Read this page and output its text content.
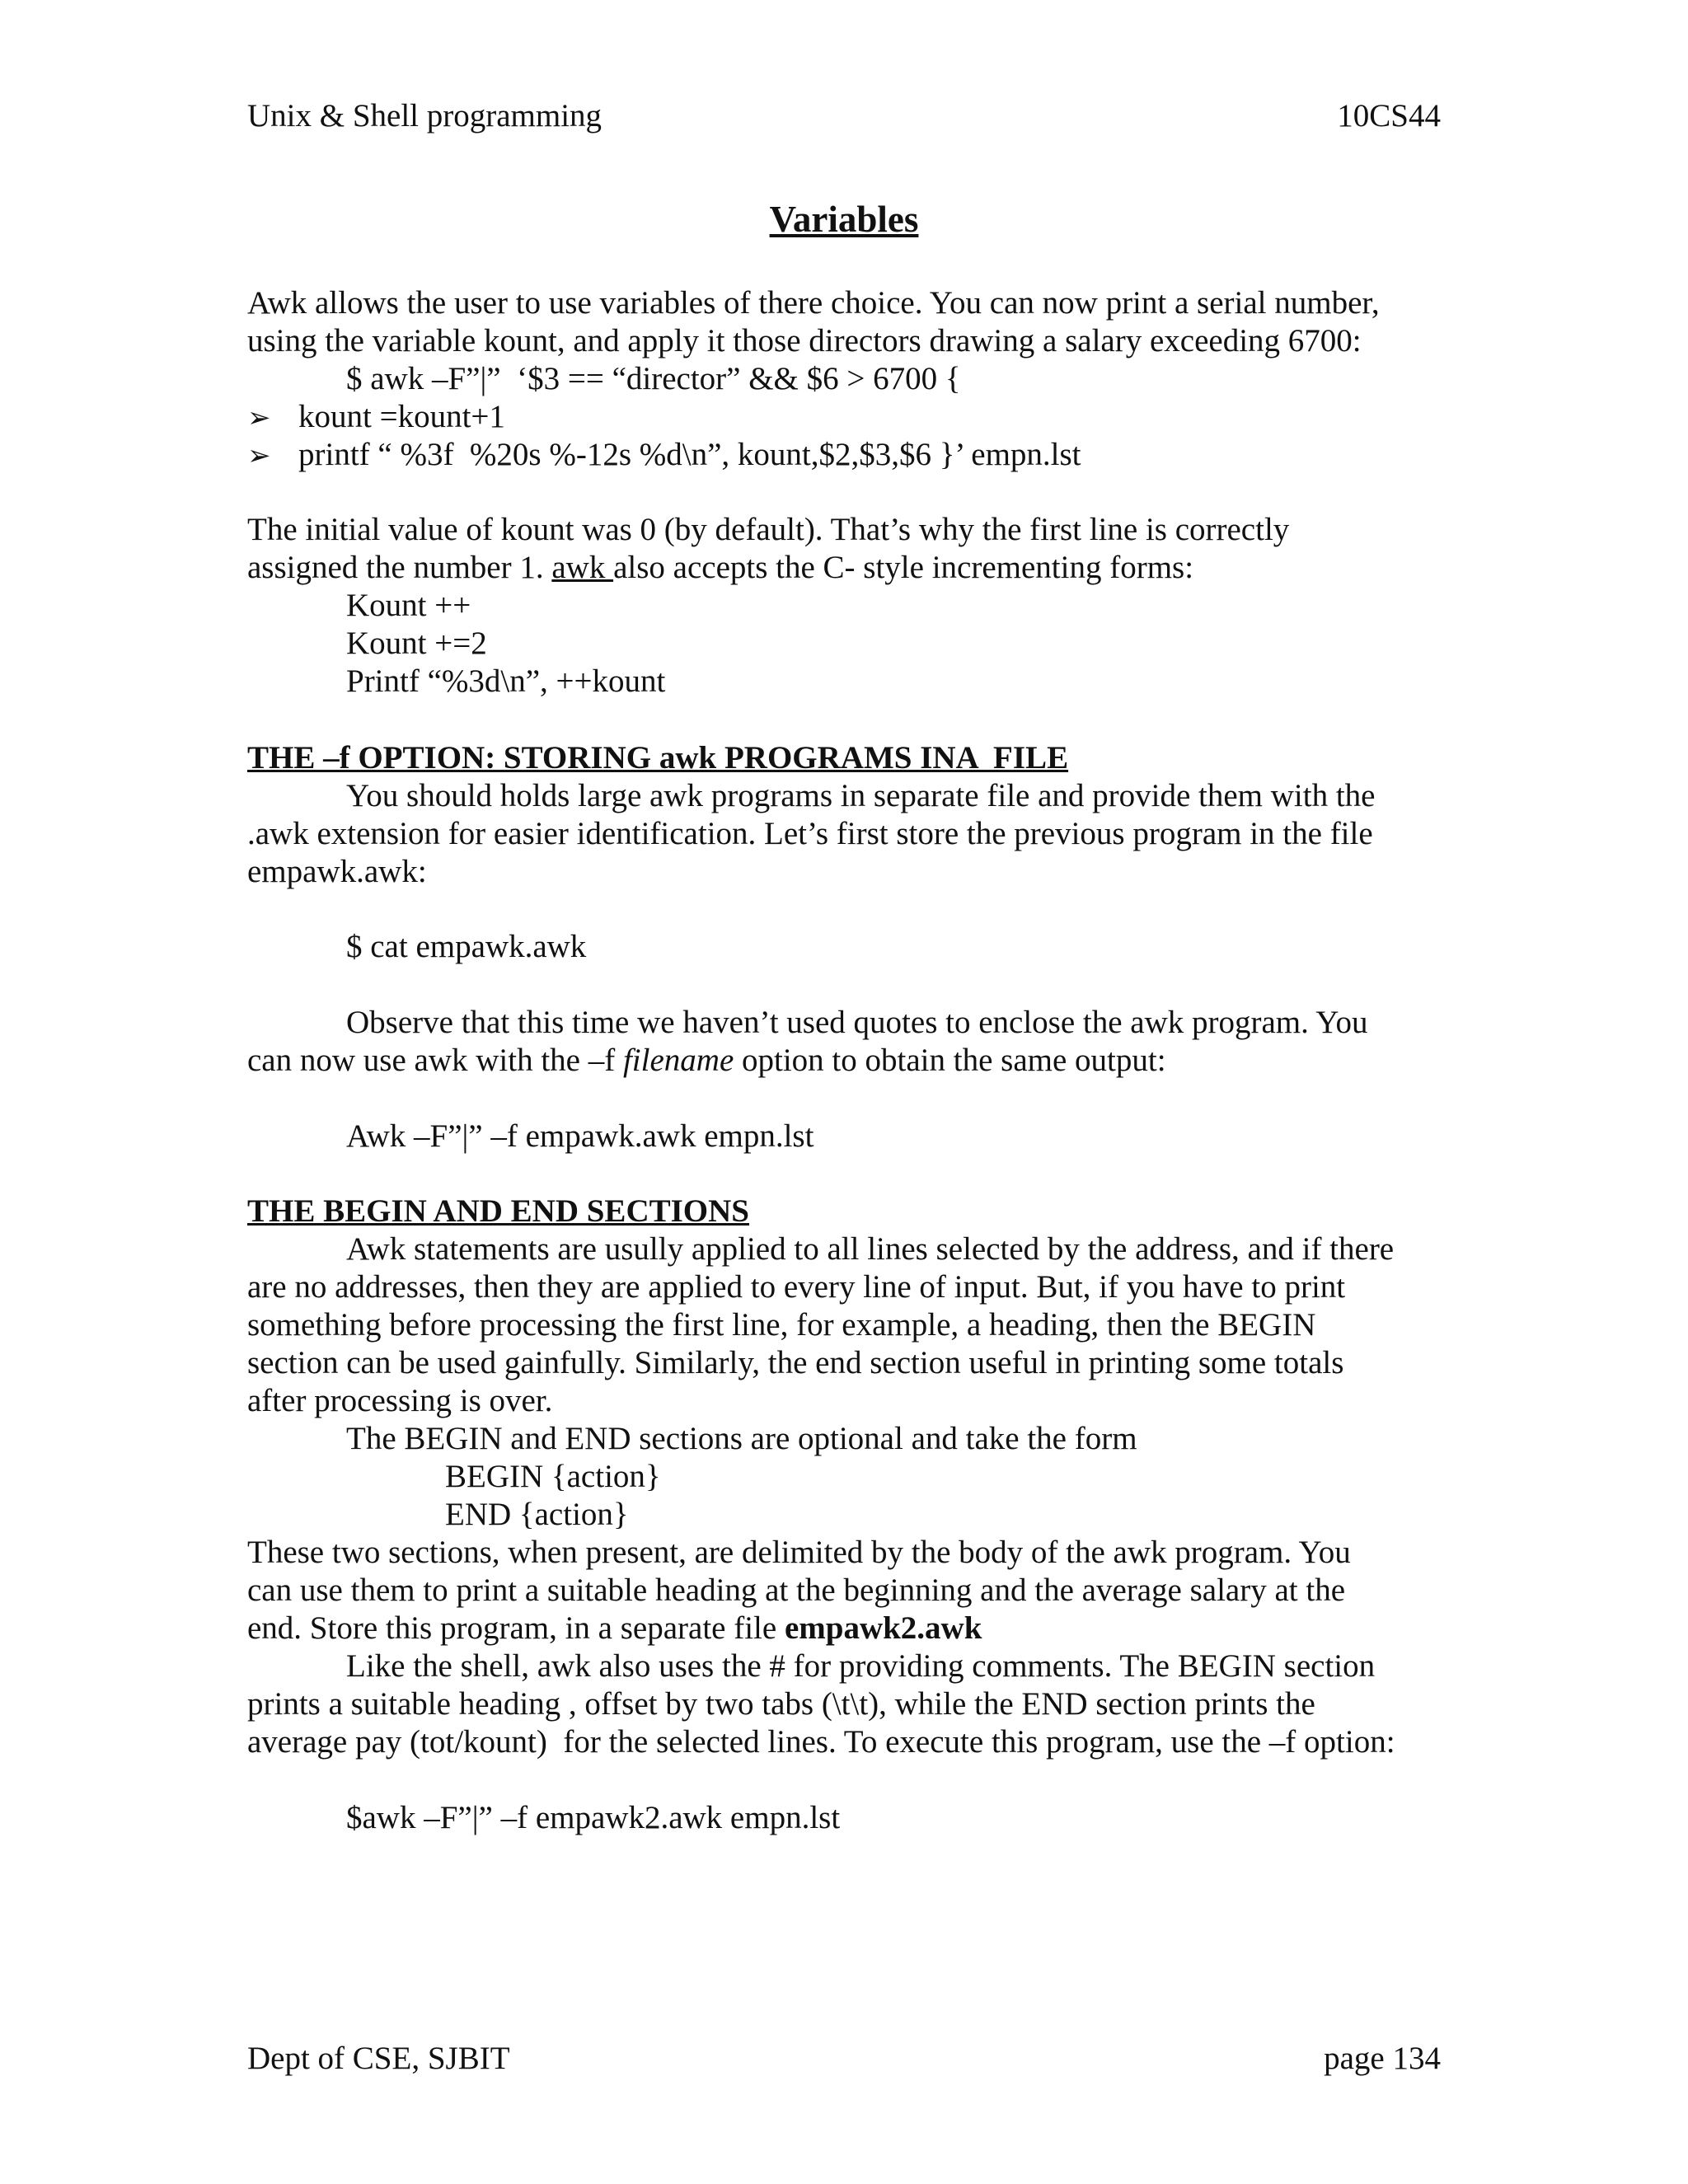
Unix & Shell programming	10CS44
Variables

Awk allows the user to use variables of there choice. You can now print a serial number,

using the variable kount, and apply it those directors drawing a salary exceeding 6700:

$ awk –F”|”  ‘$3 == “director” && $6 > 6700 {

➢ kount =kount+1

➢ printf “ %3f  %20s %-12s %d\n”, kount,$2,$3,$6 }’ empn.lst

The initial value of kount was 0 (by default). That’s why the first line is correctly

assigned the number 1. awk also accepts the C- style incrementing forms:

Kount ++

Kount +=2

Printf “%3d\n”, ++kount

THE –f OPTION: STORING awk PROGRAMS INA  FILE

You should holds large awk programs in separate file and provide them with the

.awk extension for easier identification. Let’s first store the previous program in the file

empawk.awk:

$ cat empawk.awk

Observe that this time we haven’t used quotes to enclose the awk program. You

can now use awk with the –f filename option to obtain the same output:

Awk –F”|” –f empawk.awk empn.lst

THE BEGIN AND END SECTIONS

Awk statements are usully applied to all lines selected by the address, and if there

are no addresses, then they are applied to every line of input. But, if you have to print

something before processing the first line, for example, a heading, then the BEGIN

section can be used gainfully. Similarly, the end section useful in printing some totals

after processing is over.

The BEGIN and END sections are optional and take the form

BEGIN {action}

END {action}

These two sections, when present, are delimited by the body of the awk program. You

can use them to print a suitable heading at the beginning and the average salary at the

end. Store this program, in a separate file empawk2.awk

Like the shell, awk also uses the # for providing comments. The BEGIN section

prints a suitable heading , offset by two tabs (\t\t), while the END section prints the

average pay (tot/kount)  for the selected lines. To execute this program, use the –f option:

$awk –F”|” –f empawk2.awk empn.lst

Dept of CSE, SJBIT	page 134
